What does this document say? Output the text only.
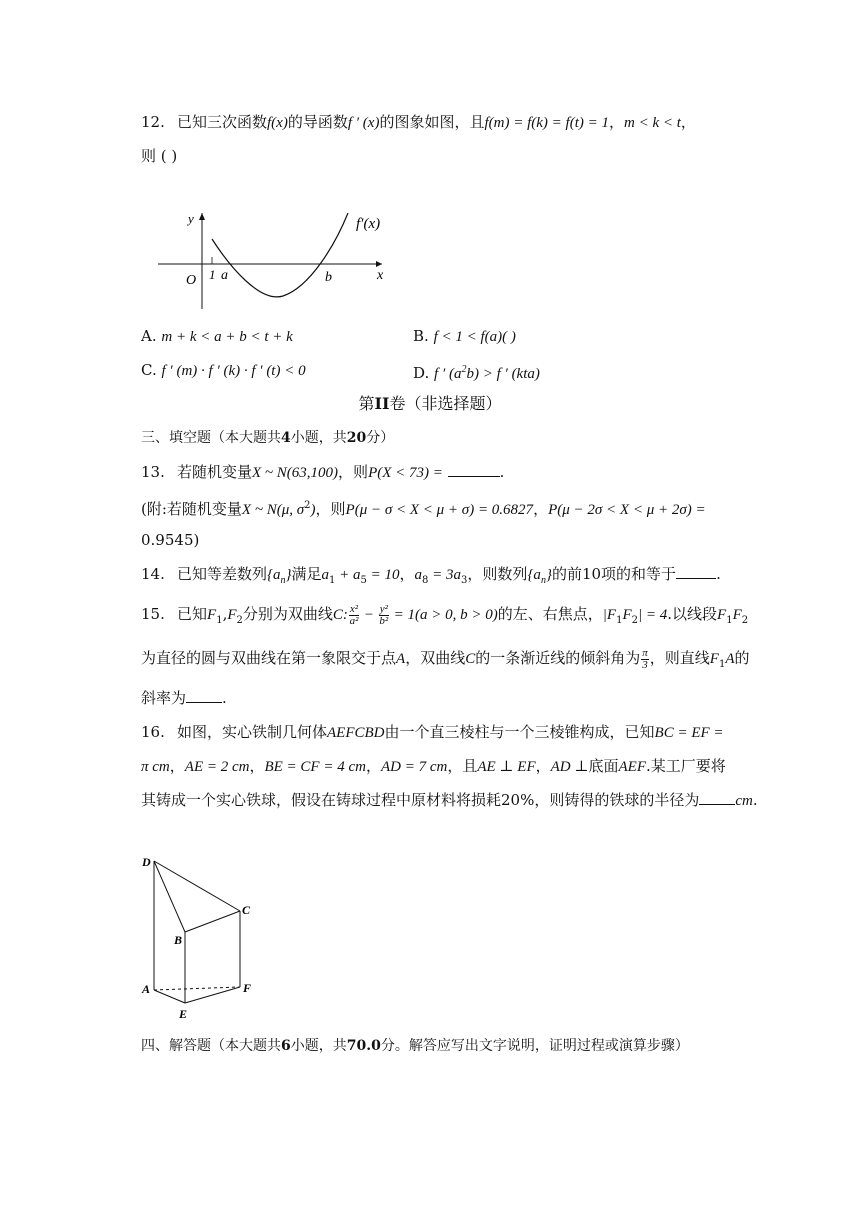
12. 已知三次函数f(x)的导函数f ′ (x)的图象如图，且f(m) = f(k) = f(t) = 1，m < k < t，
则 ( )
y
O 1 a	b	x
f′(x)
A. m + k < a + b < t + k	B. f < 1 < f(a)( )
C. f ′ (m) · f ′ (k) · f ′ (t) < 0	D. f ′ $(a^2b) > f$ ′ (kta)
第II卷（非选择题）
三、填空题（本大题共4小题，共20分）
13. 若随机变量X ~ N(63,100)，则P(X < 73) =	.
(附:若随机变量X ~ N(μ, $\sigma^2$)，则P(μ − σ < X < μ + σ) = 0.6827，P(μ − 2σ < X < μ + 2σ) =
0.9545)
14. 已知等差数列$\{a_n\}$满足$a_1 + a_5 = 10$，$a_8 = 3a_3$，则数列$\{a_n\}$的前10项的和等于	.
15. 已知$F_1,F_2$分别为双曲线C: $\frac{\text{x²}}{\text{a²}} - \frac{\text{y²}}{\text{b²}} = 1(a > 0$, b > 0)的左、右焦点，$|F_1F_2| = 4$.以线段$F_1F_2$
为直径的圆与双曲线在第一象限交于点A，双曲线C的一条渐近线的倾斜角为 $\frac{\pi}{3}$ ，则直线$F_1A$的
斜率为 .
16. 如图，实心铁制几何体AEFCBD由一个直三棱柱与一个三棱锥构成，已知BC = EF =
π cm，AE = 2 cm，BE = CF = 4 cm，AD = 7 cm，且AE ⊥ EF，AD ⊥底面AEF.某工厂要将
其铸成一个实心铁球，假设在铸球过程中原材料将损耗20%，则铸得的铁球的半径为 cm.
D
C
B
A	F
E
四、解答题（本大题共6小题，共70.0分。解答应写出文字说明，证明过程或演算步骤）
